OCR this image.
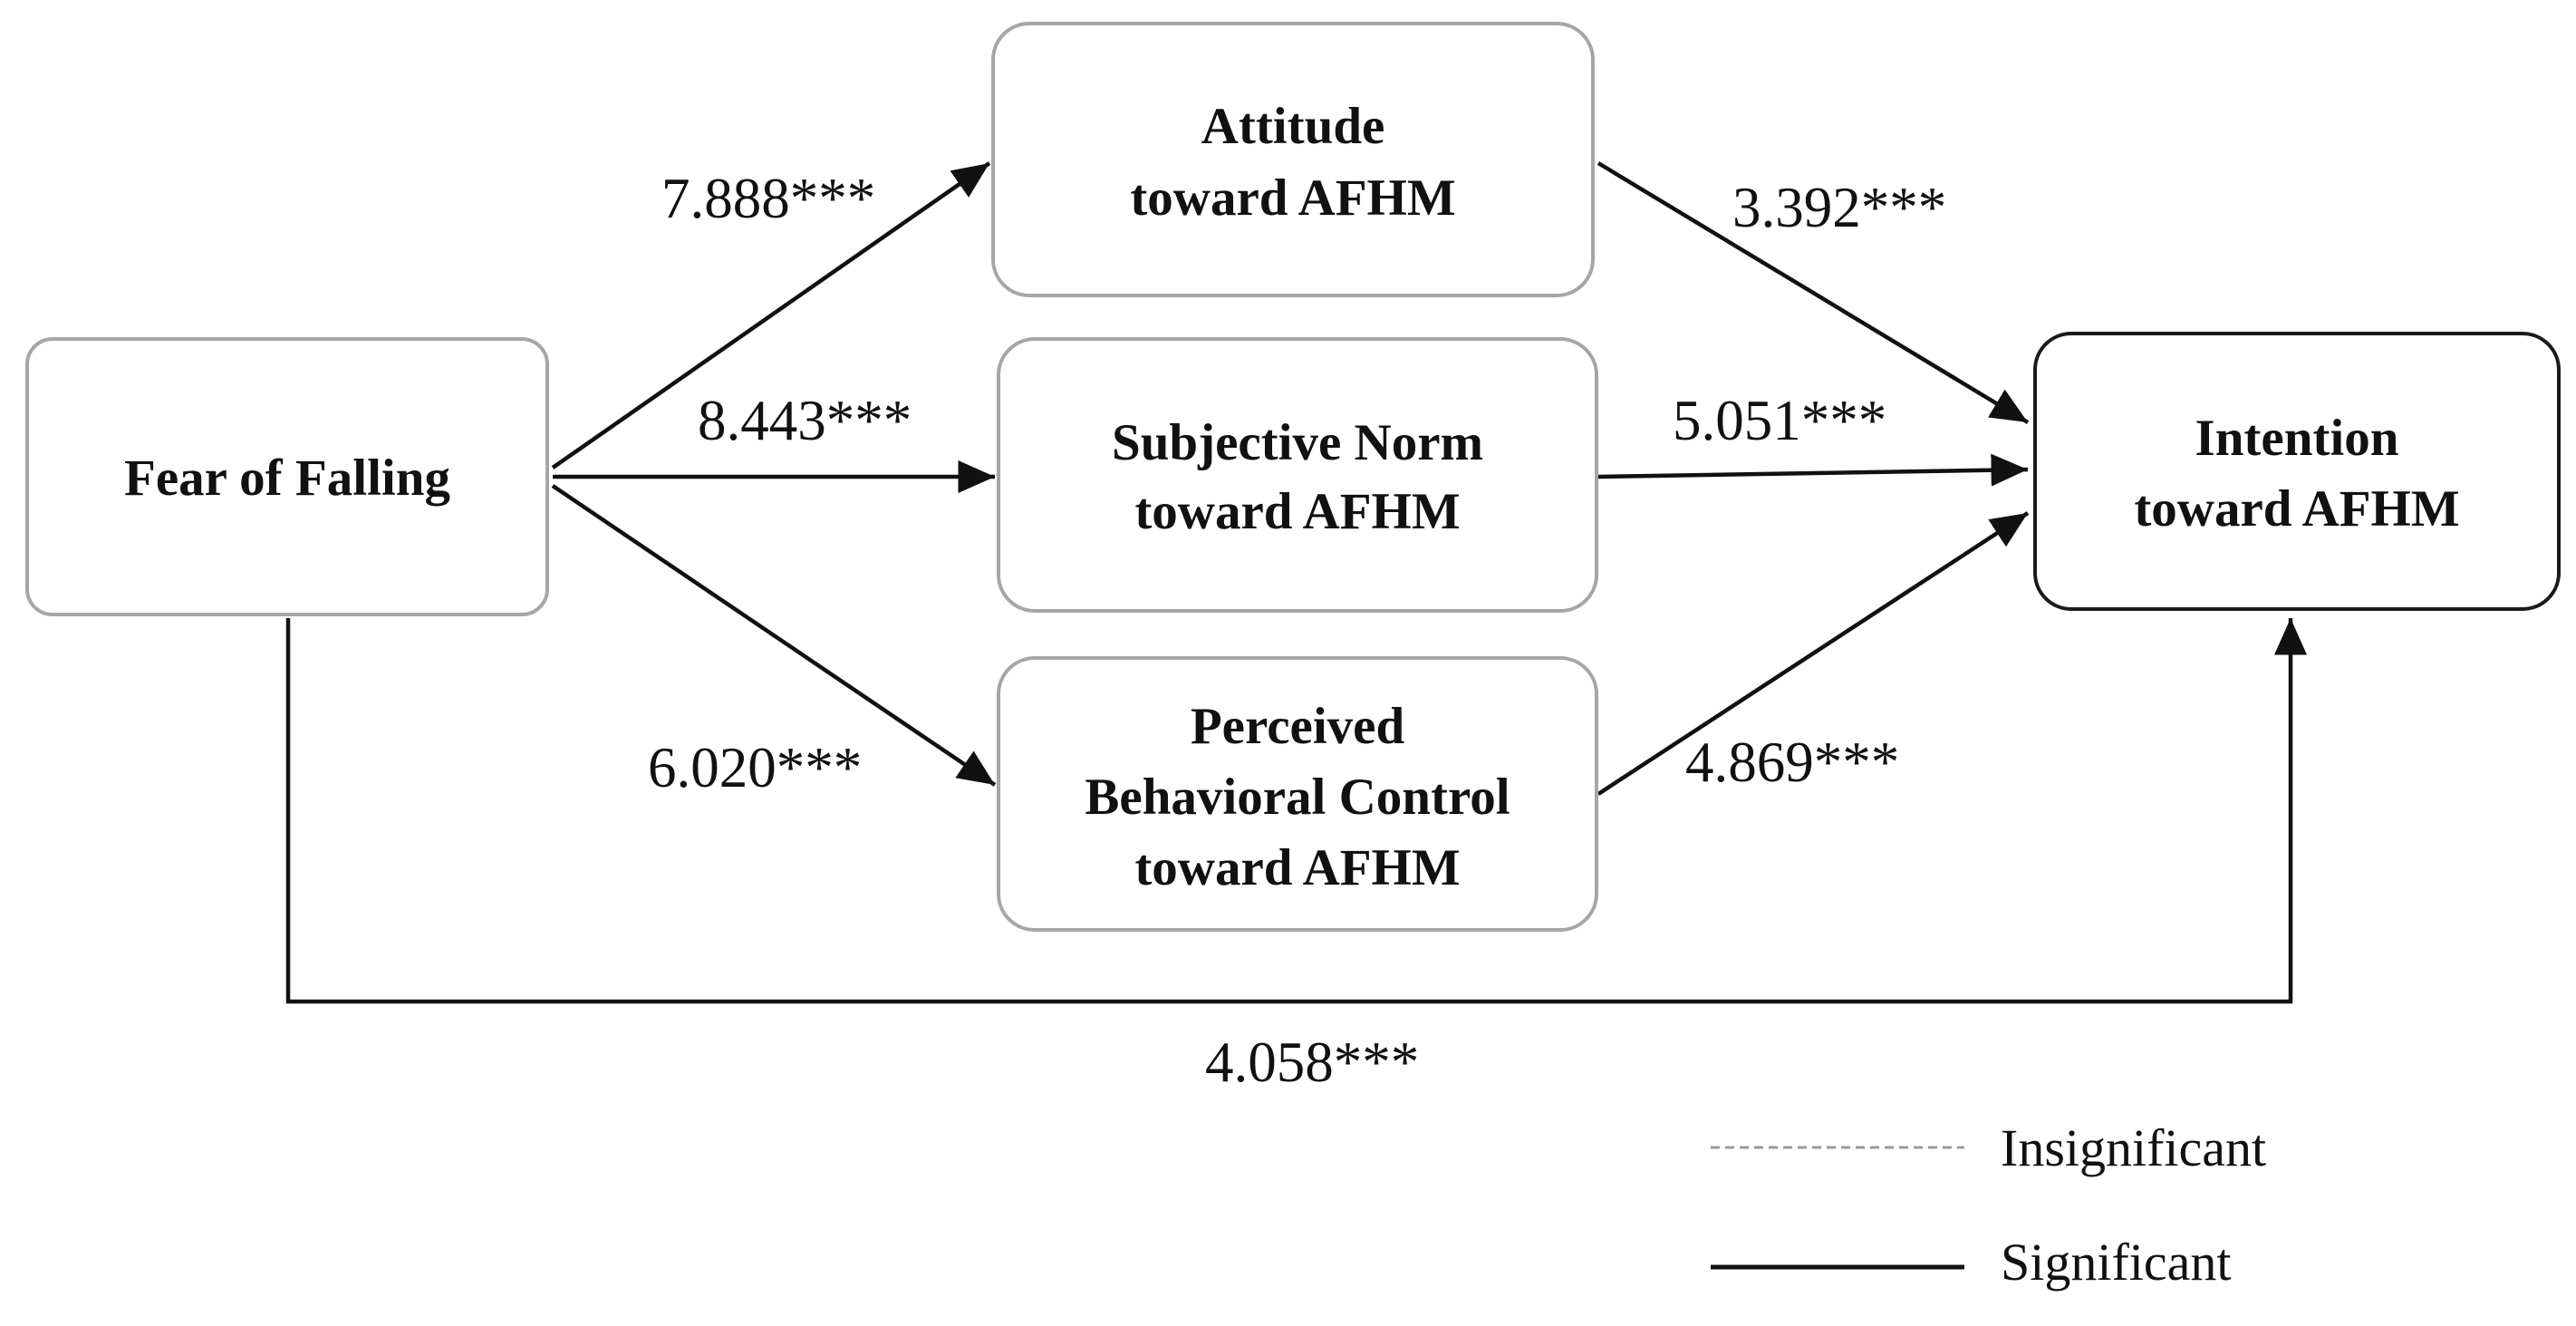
Fear of Falling
Attitude
toward AFHM
Subjective Norm
toward AFHM
Perceived
Behavioral Control
toward AFHM
Intention
toward AFHM
7.888***
8.443***
6.020***
3.392***
5.051***
4.869***
4.058***
Insignificant
Significant
